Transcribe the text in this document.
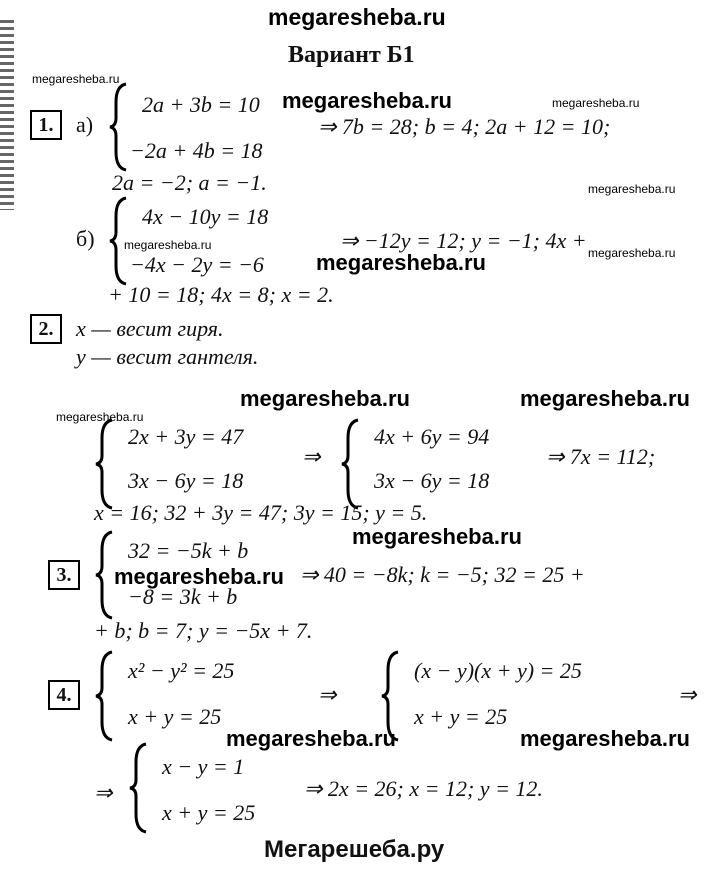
megaresheba.ru
Вариант Б1
megaresheba.ru
megaresheba.ru
megaresheba.ru
megaresheba.ru
megaresheba.ru
megaresheba.ru
megaresheba.ru
megaresheba.ru
megaresheba.ru	megaresheba.ru
megaresheba.ru
megaresheba.ru
megaresheba.ru	megaresheba.ru
1.	а)
2a + 3b = 10
−2a + 4b = 18
⇒ 7b = 28; b = 4; 2a + 12 = 10;
2a = −2; a = −1.
б)
4x − 10y = 18
−4x − 2y = −6
⇒ −12y = 12; y = −1; 4x +
+ 10 = 18; 4x = 8; x = 2.
2.	x — весит гиря.
y — весит гантеля.
2x + 3y = 47
3x − 6y = 18
⇒
4x + 6y = 94
3x − 6y = 18
⇒ 7x = 112;
x = 16; 32 + 3y = 47; 3y = 15; y = 5.
3.
32 = −5k + b
−8 = 3k + b
⇒ 40 = −8k; k = −5; 32 = 25 +
+ b; b = 7; y = −5x + 7.
4.
x² − y² = 25
x + y = 25
⇒
(x − y)(x + y) = 25
x + y = 25
⇒
⇒
x − y = 1
x + y = 25
⇒ 2x = 26; x = 12; y = 12.
Мегарешеба.ру
